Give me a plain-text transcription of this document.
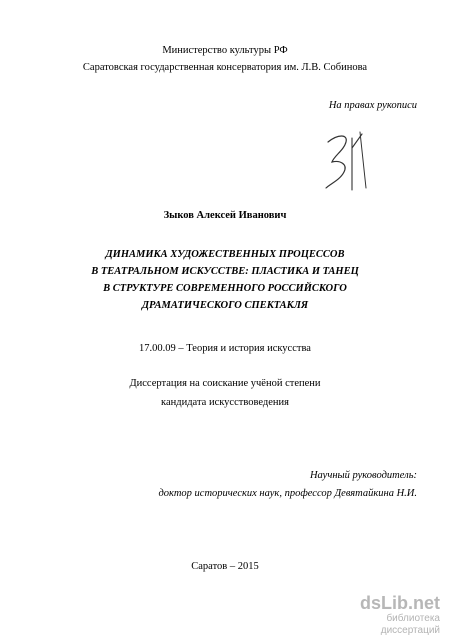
Министерство культуры РФ
Саратовская государственная консерватория им. Л.В. Собинова
На правах рукописи
Зыков Алексей Иванович
ДИНАМИКА ХУДОЖЕСТВЕННЫХ ПРОЦЕССОВ
В ТЕАТРАЛЬНОМ ИСКУССТВЕ: ПЛАСТИКА И ТАНЕЦ
В СТРУКТУРЕ СОВРЕМЕННОГО РОССИЙСКОГО
ДРАМАТИЧЕСКОГО СПЕКТАКЛЯ
17.00.09 – Теория и история искусства
Диссертация на соискание учёной степени
кандидата искусствоведения
Научный руководитель:
доктор исторических наук, профессор Девятайкина Н.И.
Саратов – 2015
dsLib.net
библиотека диссертаций
